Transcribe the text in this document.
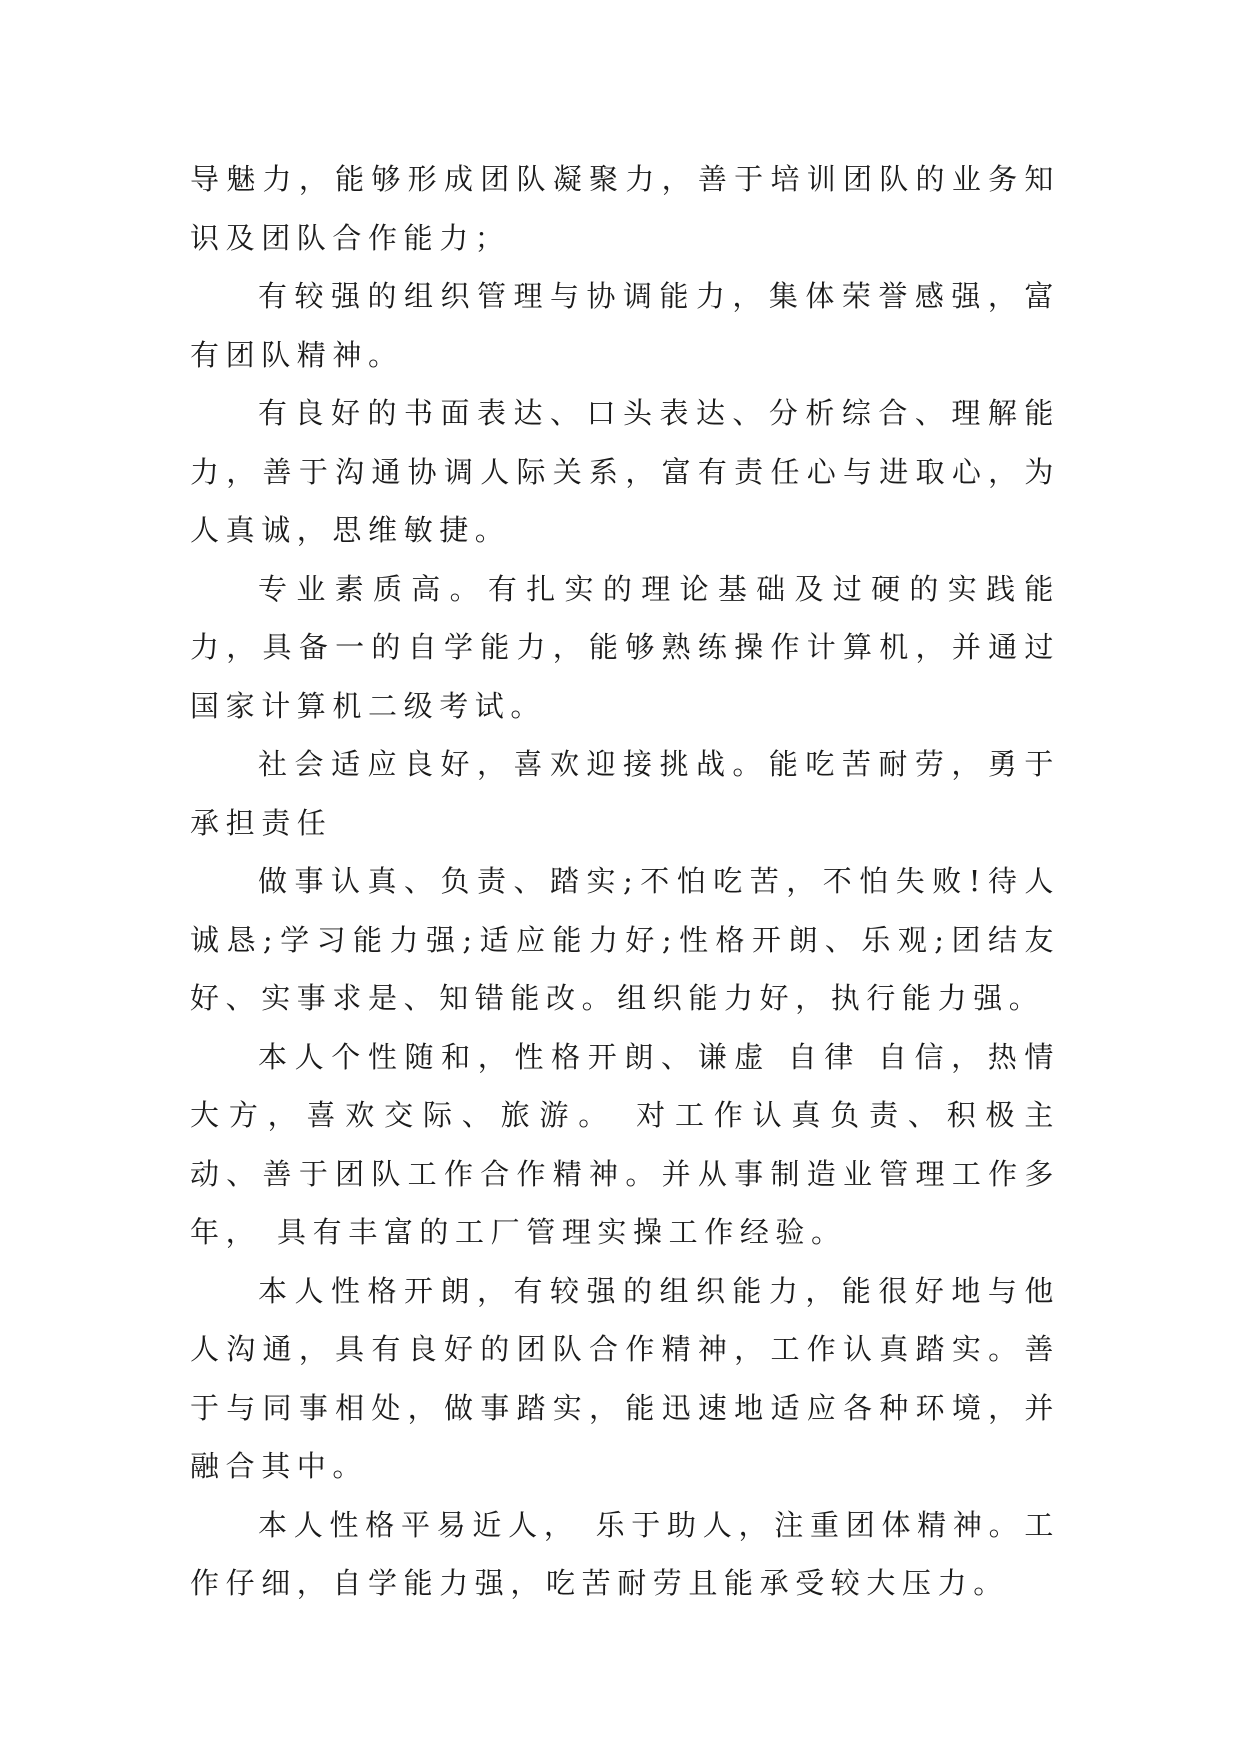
导魅力，能够形成团队凝聚力，善于培训团队的业务知识及团队合作能力；

有较强的组织管理与协调能力，集体荣誉感强，富有团队精神。

有良好的书面表达、口头表达、分析综合、理解能力，善于沟通协调人际关系，富有责任心与进取心，为人真诚，思维敏捷。

专业素质高。有扎实的理论基础及过硬的实践能力，具备一的自学能力，能够熟练操作计算机，并通过国家计算机二级考试。

社会适应良好，喜欢迎接挑战。能吃苦耐劳，勇于承担责任

做事认真、负责、踏实;不怕吃苦，不怕失败!待人诚恳;学习能力强;适应能力好;性格开朗、乐观;团结友好、实事求是、知错能改。组织能力好，执行能力强。

本人个性随和，性格开朗、谦虚 自律 自信，热情大方，喜欢交际、旅游。 对工作认真负责、积极主动、善于团队工作合作精神。并从事制造业管理工作多年， 具有丰富的工厂管理实操工作经验。

本人性格开朗，有较强的组织能力，能很好地与他人沟通，具有良好的团队合作精神，工作认真踏实。善于与同事相处，做事踏实，能迅速地适应各种环境，并融合其中。

本人性格平易近人， 乐于助人，注重团体精神。工作仔细，自学能力强，吃苦耐劳且能承受较大压力。
